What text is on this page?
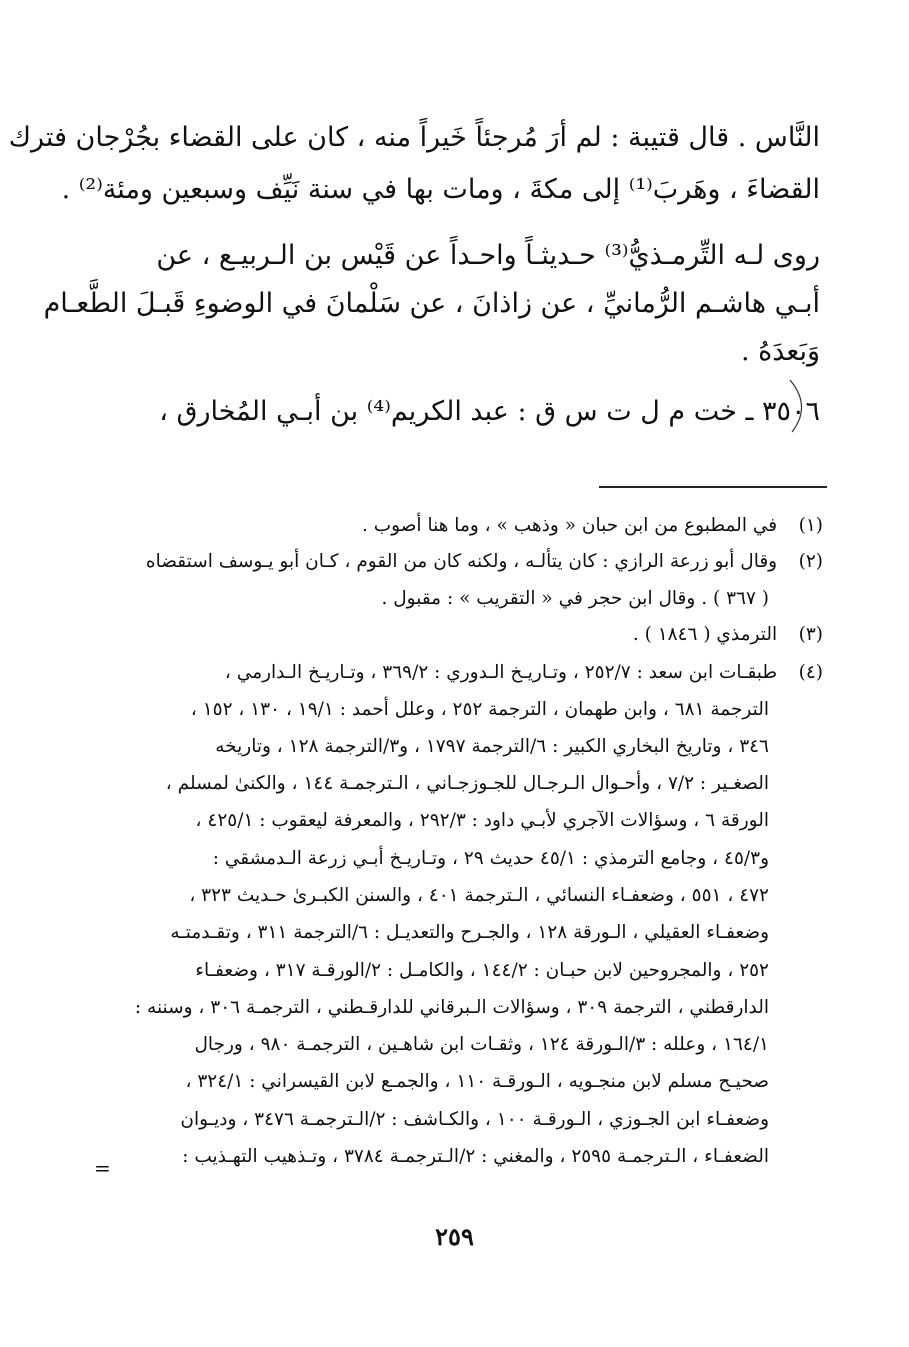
النَّاس . قال قتيبة : لم أرَ مُرجئاً خَيراً منه ، كان على القضاء بجُرْجان فترك

القضاءَ ، وهَربَ⁽¹⁾ إلى مكةَ ، ومات بها في سنة نَيِّف وسبعين ومئة⁽²⁾ .

روى لـه التِّرمـذيُّ⁽³⁾ حـديثـاً واحـداً عن قَيْس بن الـربيـع ، عن

أبـي هاشـم الرُّمانيِّ ، عن زاذانَ ، عن سَلْمانَ في الوضوءِ قَبـلَ الطَّعـام

وَبَعدَهُ .

٣٥٠٦ ـ خت م ل ت س ق : عبد الكريم⁽⁴⁾ بن أبـي المُخارق ،

(١) في المطبوع من ابن حبان « وذهب » ، وما هنا أصوب .

(٢) وقال أبو زرعة الرازي : كان يتألـه ، ولكنه كان من القوم ، كـان أبو يـوسف استقضاه

( ٣٦٧ ) . وقال ابن حجر في « التقريب » : مقبول .

(٣) الترمذي ( ١٨٤٦ ) .

(٤) طبقـات ابن سعد : ٢٥٢/٧ ، وتـاريـخ الـدوري : ٣٦٩/٢ ، وتـاريـخ الـدارمي ،

الترجمة ٦٨١ ، وابن طهمان ، الترجمة ٢٥٢ ، وعلل أحمد : ١٩/١ ، ١٣٠ ، ١٥٢ ،

٣٤٦ ، وتاريخ البخاري الكبير : ٦/الترجمة ١٧٩٧ ، و٣/الترجمة ١٢٨ ، وتاريخه

الصغـير : ٧/٢ ، وأحـوال الـرجـال للجـوزجـاني ، الـترجمـة ١٤٤ ، والكنىٰ لمسلم ،

الورقة ٦ ، وسؤالات الآجري لأبـي داود : ٢٩٢/٣ ، والمعرفة ليعقوب : ٤٢٥/١ ،

و٤٥/٣ ، وجامع الترمذي : ٤٥/١ حديث ٢٩ ، وتـاريـخ أبـي زرعة الـدمشقي :

٤٧٢ ، ٥٥١ ، وضعفـاء النسائي ، الـترجمة ٤٠١ ، والسنن الكبـرىٰ حـديث ٣٢٣ ،

وضعفـاء العقيلي ، الـورقة ١٢٨ ، والجـرح والتعديـل : ٦/الترجمة ٣١١ ، وتقـدمتـه

٢٥٢ ، والمجروحين لابن حبـان : ١٤٤/٢ ، والكامـل : ٢/الورقـة ٣١٧ ، وضعفـاء

الدارقطني ، الترجمة ٣٠٩ ، وسؤالات الـبرقاني للدارقـطني ، الترجمـة ٣٠٦ ، وسننه :

١٦٤/١ ، وعلله : ٣/الـورقة ١٢٤ ، وثقـات ابن شاهـين ، الترجمـة ٩٨٠ ، ورجال

صحيـح مسلم لابن منجـويه ، الـورقـة ١١٠ ، والجمـع لابن القيسراني : ٣٢٤/١ ،

وضعفـاء ابن الجـوزي ، الـورقـة ١٠٠ ، والكـاشف : ٢/الـترجمـة ٣٤٧٦ ، وديـوان

الضعفـاء ، الـترجمـة ٢٥٩٥ ، والمغني : ٢/الـترجمـة ٣٧٨٤ ، وتـذهيب التهـذيب :

=
٢٥٩
